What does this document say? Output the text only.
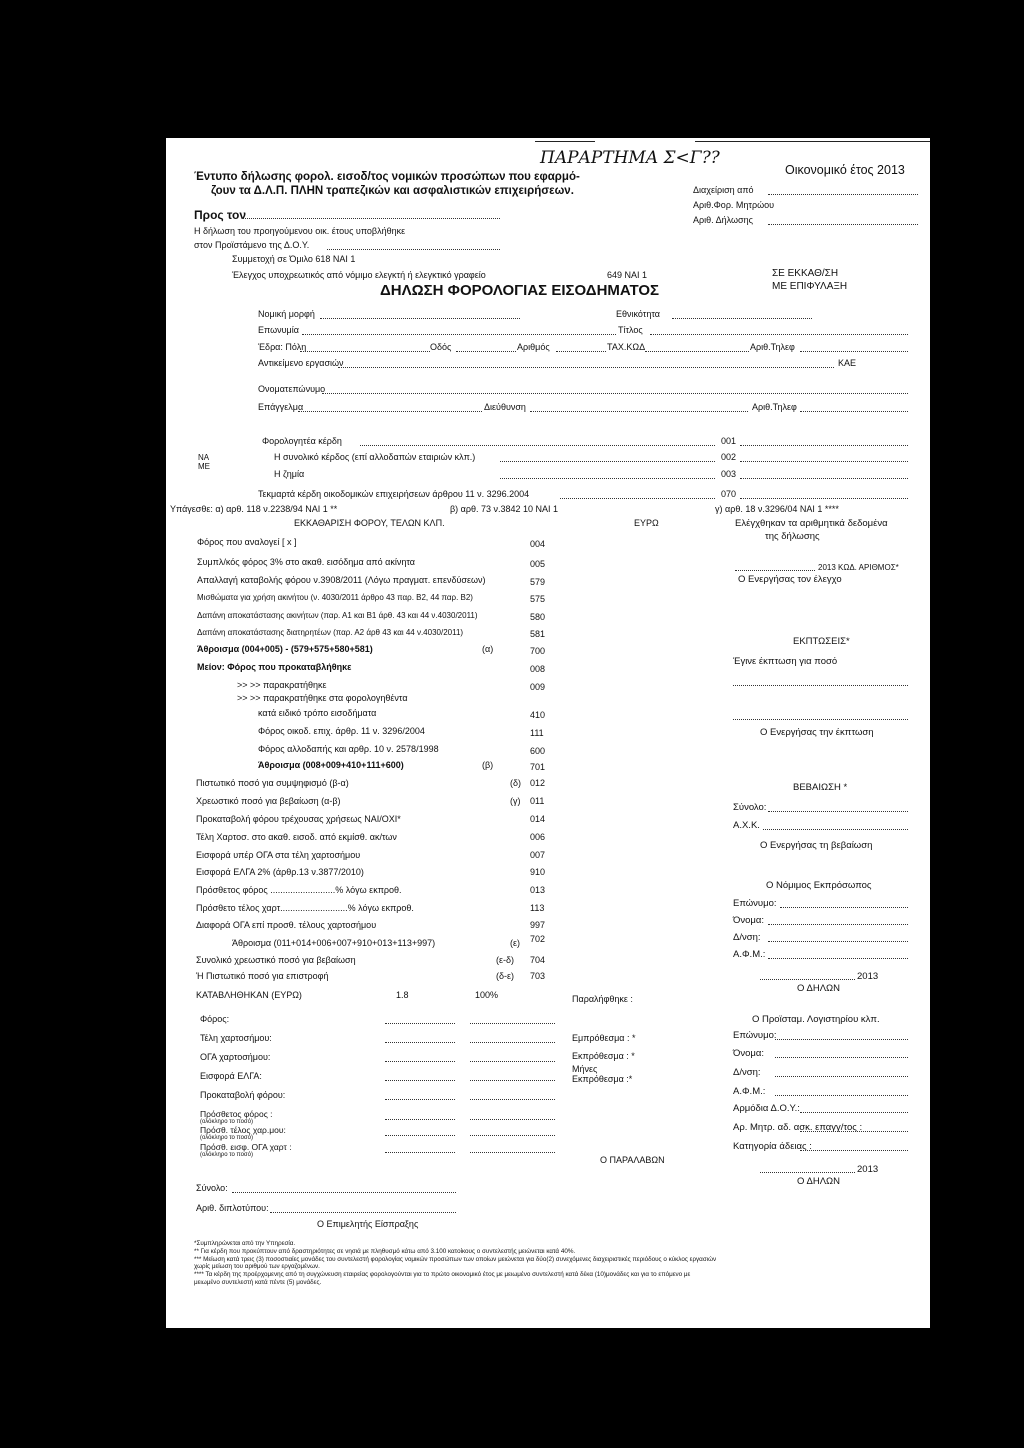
ΠΑΡΑΡΤΗΜΑ Σ<Γ??
Έντυπο δήλωσης φορολ. εισοδ/τος νομικών προσώπων που εφαρμό-
ζουν τα Δ.Λ.Π. ΠΛΗΝ τραπεζικών και ασφαλιστικών επιχειρήσεων.
Οικονομικό έτος 2013
Διαχείριση από
Αριθ.Φορ. Μητρώου
Αριθ. Δήλωσης
Προς τον
Η δήλωση του προηγούμενου οικ. έτους υποβλήθηκε
στον Προϊστάμενο της Δ.Ο.Υ.
Συμμετοχή σε Όμιλο 618 ΝΑΙ 1
Έλεγχος υποχρεωτικός από νόμιμο ελεγκτή ή ελεγκτικό γραφείο	649 ΝΑΙ 1	ΣΕ ΕΚΚΑΘ/ΣΗ
ΜΕ ΕΠΙΦΥΛΑΞΗ
ΔΗΛΩΣΗ ΦΟΡΟΛΟΓΙΑΣ ΕΙΣΟΔΗΜΑΤΟΣ
Νομική μορφή	Εθνικότητα
Επωνυμία	Τίτλος
Έδρα: Πόλη	Οδός	Αριθμός	ΤΑΧ.ΚΩΔ	Αριθ.Τηλεφ
Αντικείμενο εργασιών	ΚΑΕ
Ονοματεπώνυμο
Επάγγελμα	Διεύθυνση	Αριθ.Τηλεφ
ΝΑ ΜΕ
Φορολογητέα κέρδη	001
Η συνολικό κέρδος (επί αλλοδαπών εταιριών κλπ.)	002
Η ζημία	003
Τεκμαρτά κέρδη οικοδομικών επιχειρήσεων άρθρου 11 ν. 3296.2004	070
Υπάγεσθε: α) αρθ. 118 ν.2238/94 ΝΑΙ 1 **	β) αρθ. 73 ν.3842 10 ΝΑΙ 1	γ) αρθ. 18 ν.3296/04 ΝΑΙ 1 ****
ΕΚΚΑΘΑΡΙΣΗ ΦΟΡΟΥ, ΤΕΛΩΝ ΚΛΠ.	ΕΥΡΩ	Ελέγχθηκαν τα αριθμητικά δεδομένα
της δήλωσης
2013 ΚΩΔ. ΑΡΙΘΜΟΣ*
Ο Ενεργήσας τον έλεγχο
Φόρος που αναλογεί [ x ]	004
Συμπλ/κός φόρος 3% στο ακαθ. εισόδημα από ακίνητα	005
Απαλλαγή καταβολής φόρου ν.3908/2011 (Λόγω πραγματ. επενδύσεων)	579
Μισθώματα για χρήση ακινήτου (ν. 4030/2011 άρθρο 43 παρ. Β2, 44 παρ. Β2)	575
Δαπάνη αποκατάστασης ακινήτων (παρ. Α1 και Β1 άρθ. 43 και 44 ν.4030/2011)	580
Δαπάνη αποκατάστασης διατηρητέων (παρ. Α2 άρθ 43 και 44 ν.4030/2011)	581
Άθροισμα (004+005) - (579+575+580+581)	(α)	700
Μείον: Φόρος που προκαταβλήθηκε	008
>> >> παρακρατήθηκε	009
>> >> παρακρατήθηκε στα φορολογηθέντα
κατά ειδικό τρόπο εισοδήματα	410
Φόρος οικοδ. επιχ. άρθρ. 11 ν. 3296/2004	111
Φόρος αλλοδαπής και αρθρ. 10 ν. 2578/1998	600
Άθροισμα (008+009+410+111+600)	(β)	701
ΕΚΠΤΩΣΕΙΣ*
Έγινε έκπτωση για ποσό
Ο Ενεργήσας την έκπτωση
Πιστωτικό ποσό για συμψηφισμό (β-α)	(δ) 012
Χρεωστικό ποσό για βεβαίωση (α-β)	(γ) 011
Προκαταβολή φόρου τρέχουσας χρήσεως ΝΑΙ/ΟΧΙ*	014
Τέλη Χαρτοσ. στο ακαθ. εισοδ. από εκμίσθ. ακ/των	006
Εισφορά υπέρ ΟΓΑ στα τέλη χαρτοσήμου	007
Εισφορά ΕΛΓΑ 2% (άρθρ.13 ν.3877/2010)	910
Πρόσθετος φόρος ..........................% λόγω εκπροθ.	013
Πρόσθετο τέλος χαρτ...........................% λόγω εκπροθ.	113
Διαφορά ΟΓΑ επί προσθ. τέλους χαρτοσήμου	997
Άθροισμα (011+014+006+007+910+013+113+997)	(ε) 702
Συνολικό χρεωστικό ποσό για βεβαίωση	(ε-δ) 704
Ή Πιστωτικό ποσό για επιστροφή	(δ-ε) 703
ΒΕΒΑΙΩΣΗ *
Σύνολο:
Α.Χ.Κ.
Ο Ενεργήσας τη βεβαίωση
Ο Νόμιμος Εκπρόσωπος
Επώνυμο:
Όνομα:
Δ/νση:
Α.Φ.Μ.:
2013
Ο ΔΗΛΩΝ
ΚΑΤΑΒΛΗΘΗΚΑΝ (ΕΥΡΩ)	1.8	100%	Παραλήφθηκε :
Φόρος:
Τέλη χαρτοσήμου:
ΟΓΑ χαρτοσήμου:
Εισφορά ΕΛΓΑ:
Προκαταβολή φόρου:
Πρόσθετος φόρος :
(ολόκληρο το ποσό)
Πρόσθ. τέλος χαρ.μου:
(ολόκληρο το ποσό)
Πρόσθ. εισφ. ΟΓΑ χαρτ :
(ολόκληρο το ποσό)
Εμπρόθεσμα : *
Εκπρόθεσμα : *
Μήνες
Εκπρόθεσμα :*
Ο ΠΑΡΑΛΑΒΩΝ
Σύνολο:
Αριθ. διπλοτύπου:
Ο Επιμελητής Είσπραξης
Ο Προϊσταμ. Λογιστηρίου κλπ.
Επώνυμο:
Όνομα:
Δ/νση:
Α.Φ.Μ.:
Αρμόδια Δ.Ο.Υ.:
Αρ. Μητρ. αδ. ασκ. επαγγ/τος :
Κατηγορία άδειας :
2013
Ο ΔΗΛΩΝ
*Συμπληρώνεται από την Υπηρεσία.
** Για κέρδη που προκύπτουν από δραστηριότητες σε νησιά με πληθυσμό κάτω από 3.100 κατοίκους ο συντελεστής μειώνεται κατά 40%.
*** Μείωση κατά τρεις (3) ποσοστιαίες μονάδες του συντελεστή φορολογίας νομικών προσώπων των οποίων μειώνεται για δύο(2) συνεχόμενες διαχειριστικές περιόδους ο κύκλος εργασιών
χωρίς μείωση του αριθμού των εργαζομένων.
**** Τα κέρδη της προέρχομενης από τη συγχώνευση εταιρείας φορολογούνται για το πρώτο οικονομικό έτος με μειωμένο συντελεστή κατά δέκα (10)μονάδες και για το επόμενο με
μειωμένο συντελεστή κατά πέντε (5) μονάδες.
